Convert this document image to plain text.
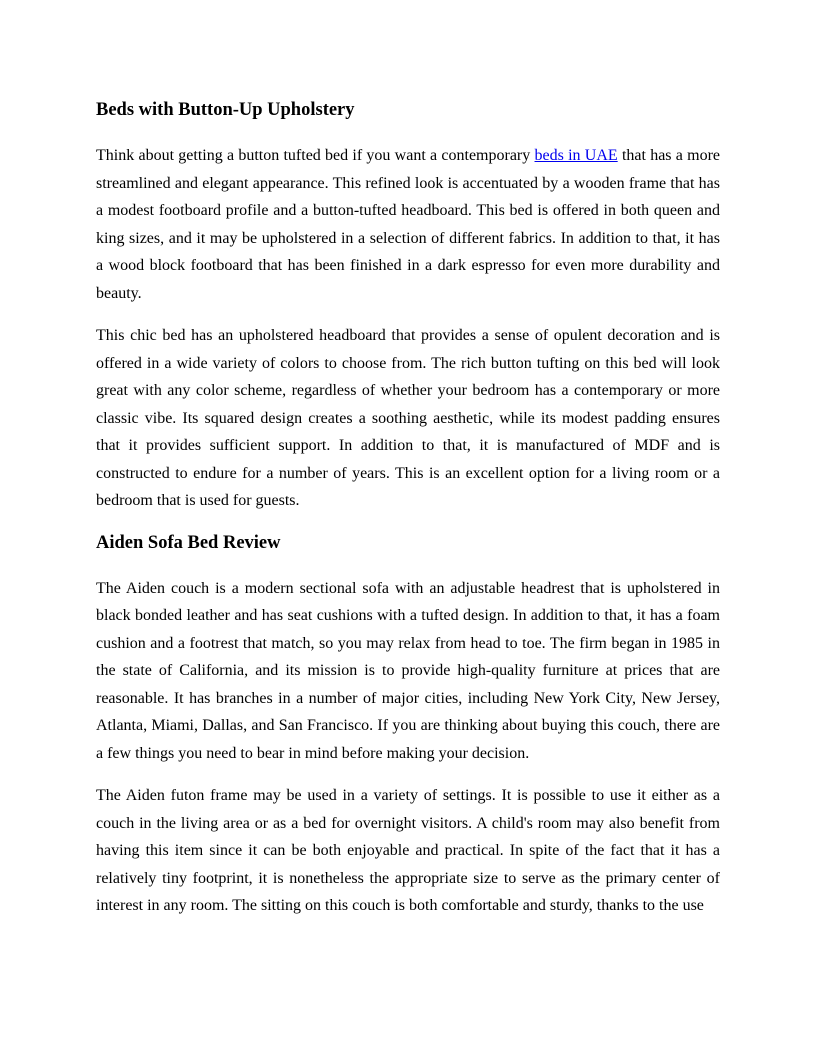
Beds with Button-Up Upholstery

Think about getting a button tufted bed if you want a contemporary beds in UAE that has a more streamlined and elegant appearance. This refined look is accentuated by a wooden frame that has a modest footboard profile and a button-tufted headboard. This bed is offered in both queen and king sizes, and it may be upholstered in a selection of different fabrics. In addition to that, it has a wood block footboard that has been finished in a dark espresso for even more durability and beauty.

This chic bed has an upholstered headboard that provides a sense of opulent decoration and is offered in a wide variety of colors to choose from. The rich button tufting on this bed will look great with any color scheme, regardless of whether your bedroom has a contemporary or more classic vibe. Its squared design creates a soothing aesthetic, while its modest padding ensures that it provides sufficient support. In addition to that, it is manufactured of MDF and is constructed to endure for a number of years. This is an excellent option for a living room or a bedroom that is used for guests.

Aiden Sofa Bed Review

The Aiden couch is a modern sectional sofa with an adjustable headrest that is upholstered in black bonded leather and has seat cushions with a tufted design. In addition to that, it has a foam cushion and a footrest that match, so you may relax from head to toe. The firm began in 1985 in the state of California, and its mission is to provide high-quality furniture at prices that are reasonable. It has branches in a number of major cities, including New York City, New Jersey, Atlanta, Miami, Dallas, and San Francisco. If you are thinking about buying this couch, there are a few things you need to bear in mind before making your decision.

The Aiden futon frame may be used in a variety of settings. It is possible to use it either as a couch in the living area or as a bed for overnight visitors. A child's room may also benefit from having this item since it can be both enjoyable and practical. In spite of the fact that it has a relatively tiny footprint, it is nonetheless the appropriate size to serve as the primary center of interest in any room. The sitting on this couch is both comfortable and sturdy, thanks to the use
